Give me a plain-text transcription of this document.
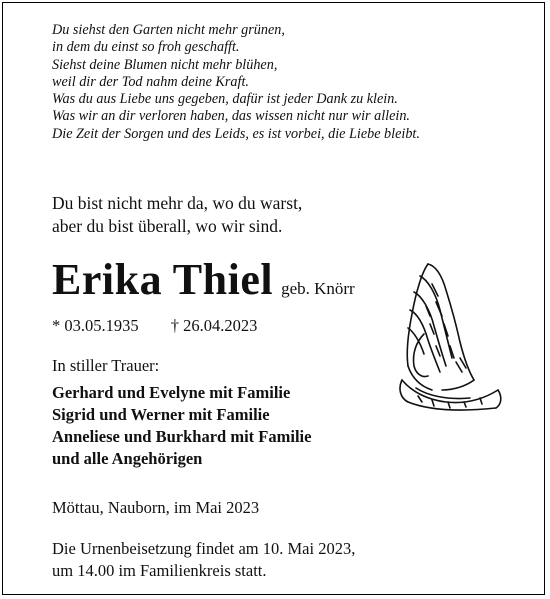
Du siehst den Garten nicht mehr grünen,
in dem du einst so froh geschafft.
Siehst deine Blumen nicht mehr blühen,
weil dir der Tod nahm deine Kraft.
Was du aus Liebe uns gegeben, dafür ist jeder Dank zu klein.
Was wir an dir verloren haben, das wissen nicht nur wir allein.
Die Zeit der Sorgen und des Leids, es ist vorbei, die Liebe bleibt.
Du bist nicht mehr da, wo du warst,
aber du bist überall, wo wir sind.
Erika Thiel geb. Knörr
* 03.05.1935 † 26.04.2023
In stiller Trauer:
Gerhard und Evelyne mit Familie
Sigrid und Werner mit Familie
Anneliese und Burkhard mit Familie
und alle Angehörigen
Möttau, Nauborn, im Mai 2023
Die Urnenbeisetzung findet am 10. Mai 2023,
um 14.00 im Familienkreis statt.
